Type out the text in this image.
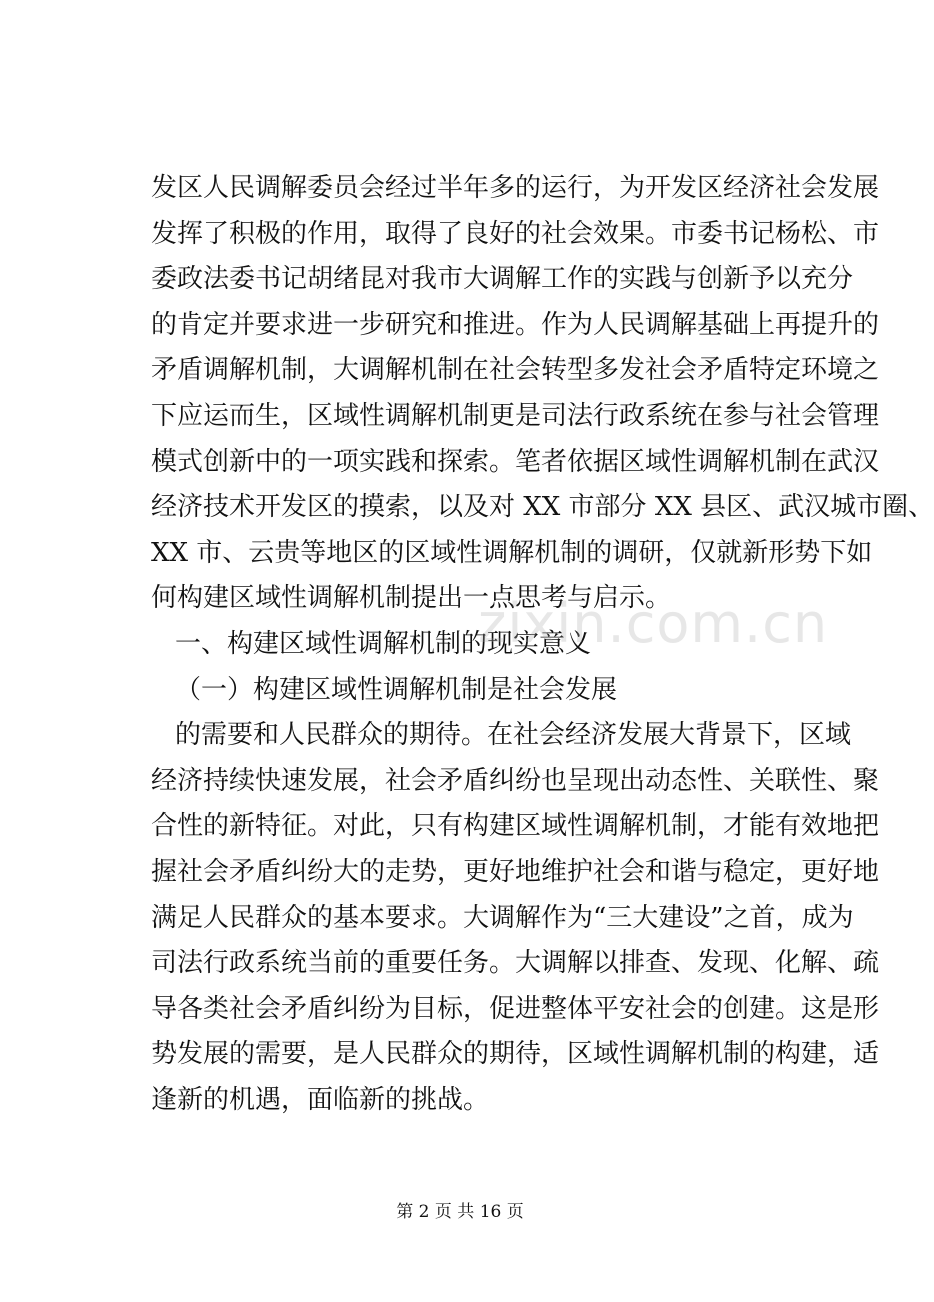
发区人民调解委员会经过半年多的运行，为开发区经济社会发展
发挥了积极的作用，取得了良好的社会效果。市委书记杨松、市
委政法委书记胡绪昆对我市大调解工作的实践与创新予以充分
的肯定并要求进一步研究和推进。作为人民调解基础上再提升的
矛盾调解机制，大调解机制在社会转型多发社会矛盾特定环境之
下应运而生，区域性调解机制更是司法行政系统在参与社会管理
模式创新中的一项实践和探索。笔者依据区域性调解机制在武汉
经济技术开发区的摸索，以及对 XX 市部分 XX 县区、武汉城市圈、
XX 市、云贵等地区的区域性调解机制的调研，仅就新形势下如
何构建区域性调解机制提出一点思考与启示。
一、构建区域性调解机制的现实意义
（一）构建区域性调解机制是社会发展
的需要和人民群众的期待。在社会经济发展大背景下，区域
经济持续快速发展，社会矛盾纠纷也呈现出动态性、关联性、聚
合性的新特征。对此，只有构建区域性调解机制，才能有效地把
握社会矛盾纠纷大的走势，更好地维护社会和谐与稳定，更好地
满足人民群众的基本要求。大调解作为“三大建设”之首，成为
司法行政系统当前的重要任务。大调解以排查、发现、化解、疏
导各类社会矛盾纠纷为目标，促进整体平安社会的创建。这是形
势发展的需要，是人民群众的期待，区域性调解机制的构建，适
逢新的机遇，面临新的挑战。
zixin.com.cn
第 2 页 共 16 页
